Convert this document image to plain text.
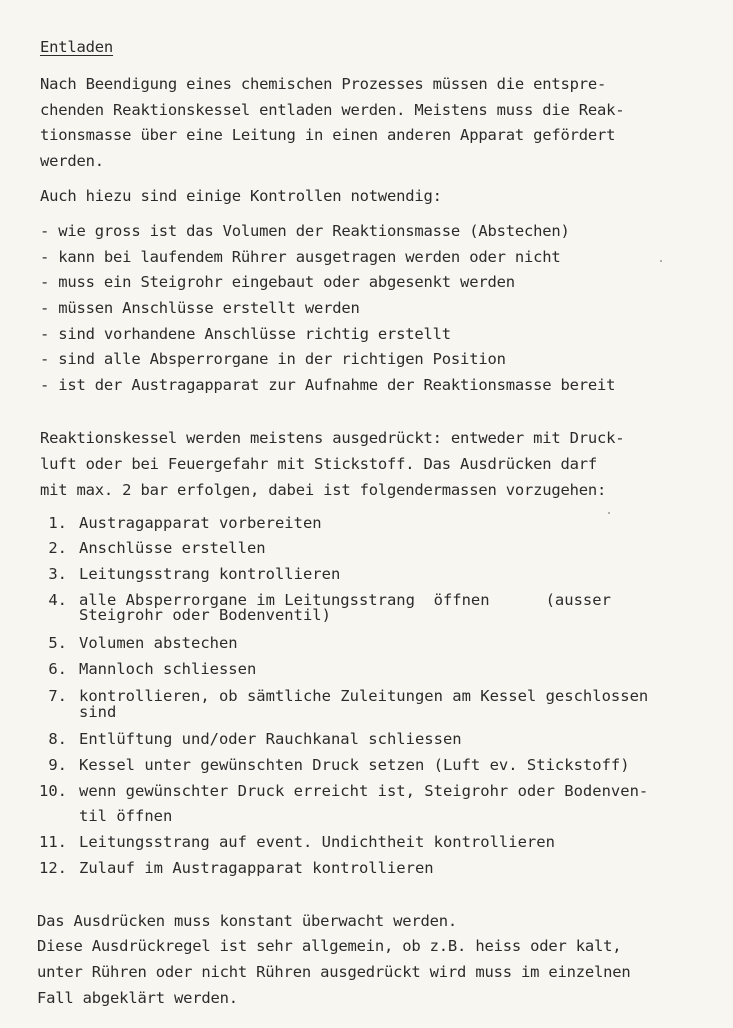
Entladen
Nach Beendigung eines chemischen Prozesses müssen die entspre-
chenden Reaktionskessel entladen werden. Meistens muss die Reak-
tionsmasse über eine Leitung in einen anderen Apparat gefördert
werden.
Auch hiezu sind einige Kontrollen notwendig:
- wie gross ist das Volumen der Reaktionsmasse (Abstechen)
- kann bei laufendem Rührer ausgetragen werden oder nicht
- muss ein Steigrohr eingebaut oder abgesenkt werden
- müssen Anschlüsse erstellt werden
- sind vorhandene Anschlüsse richtig erstellt
- sind alle Absperrorgane in der richtigen Position
- ist der Austragapparat zur Aufnahme der Reaktionsmasse bereit
Reaktionskessel werden meistens ausgedrückt: entweder mit Druck-
luft oder bei Feuergefahr mit Stickstoff. Das Ausdrücken darf
mit max. 2 bar erfolgen, dabei ist folgendermassen vorzugehen:
1. Austragapparat vorbereiten
2. Anschlüsse erstellen
3. Leitungsstrang kontrollieren
4. alle Absperrorgane im Leitungsstrang  öffnen      (ausser
Steigrohr oder Bodenventil)
5. Volumen abstechen
6. Mannloch schliessen
7. kontrollieren, ob sämtliche Zuleitungen am Kessel geschlossen
sind
8. Entlüftung und/oder Rauchkanal schliessen
9. Kessel unter gewünschten Druck setzen (Luft ev. Stickstoff)
10. wenn gewünschter Druck erreicht ist, Steigrohr oder Bodenven-
til öffnen
11. Leitungsstrang auf event. Undichtheit kontrollieren
12. Zulauf im Austragapparat kontrollieren
Das Ausdrücken muss konstant überwacht werden.
Diese Ausdrückregel ist sehr allgemein, ob z.B. heiss oder kalt,
unter Rühren oder nicht Rühren ausgedrückt wird muss im einzelnen
Fall abgeklärt werden.
